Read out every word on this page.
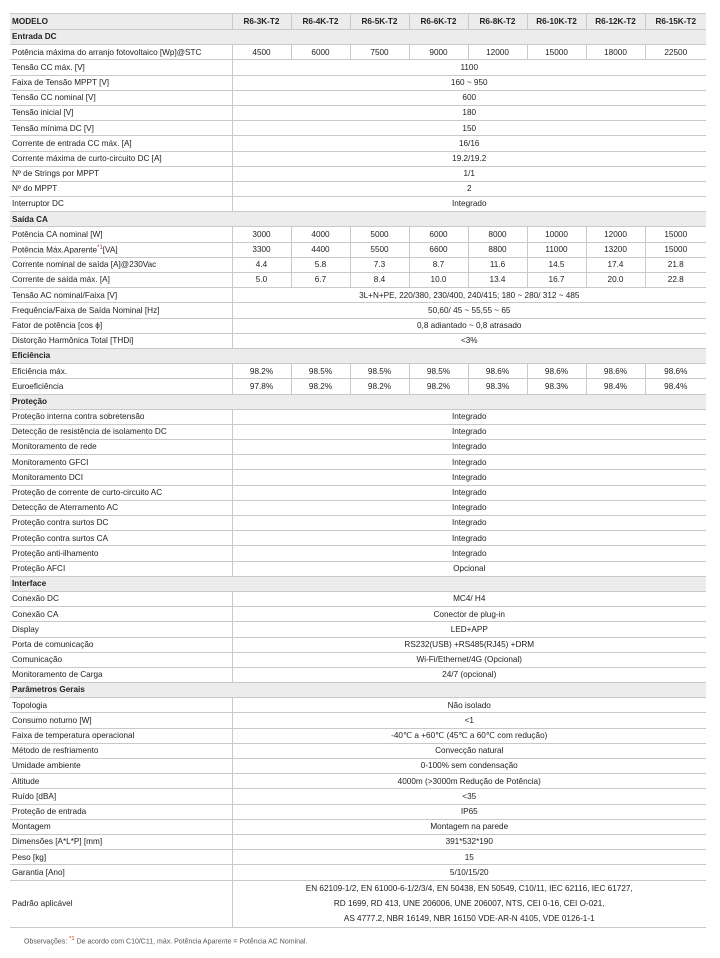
MODELO	R6-3K-T2	R6-4K-T2	R6-5K-T2	R6-6K-T2	R6-8K-T2	R6-10K-T2	R6-12K-T2	R6-15K-T2
Entrada DC								
Potência máxima do arranjo fotovoltaico [Wp]@STC	4500	6000	7500	9000	12000	15000	18000	22500
Tensão CC máx. [V]	1100							
Faixa de Tensão MPPT [V]	160 ~ 950							
Tensão CC nominal [V]	600							
Tensão inicial [V]	180							
Tensão mínima DC [V]	150							
Corrente de entrada CC máx. [A]	16/16							
Corrente máxima de curto-circuito DC [A]	19.2/19.2							
Nº de Strings por MPPT	1/1							
Nº do MPPT	2							
Interruptor DC	Integrado							
Saída CA								
Potência CA nominal [W]	3000	4000	5000	6000	8000	10000	12000	15000
Potência Máx.Aparente$^{*1}$[VA]	3300	4400	5500	6600	8800	11000	13200	15000
Corrente nominal de saída [A]@230Vac	4.4	5.8	7.3	8.7	11.6	14.5	17.4	21.8
Corrente de saída máx. [A]	5.0	6.7	8.4	10.0	13.4	16.7	20.0	22.8
Tensão AC nominal/Faixa [V]	3L+N+PE, 220/380, 230/400, 240/415; 180 ~ 280/ 312 ~ 485							
Frequência/Faixa de Saída Nominal [Hz]	50,60/ 45 ~ 55,55 ~ 65							
Fator de potência [cos ϕ]	0,8 adiantado ~ 0,8 atrasado							
Distorção Harmônica Total [THDi]	<3%							
Eficiência								
Eficiência máx.	98.2%	98.5%	98.5%	98.5%	98.6%	98.6%	98.6%	98.6%
Euroeficiência	97.8%	98.2%	98.2%	98.2%	98.3%	98.3%	98.4%	98.4%
Proteção								
Proteção interna contra sobretensão	Integrado							
Detecção de resistência de isolamento DC	Integrado							
Monitoramento de rede	Integrado							
Monitoramento GFCI	Integrado							
Monitoramento DCI	Integrado							
Proteção de corrente de curto-circuito AC	Integrado							
Detecção de Aterramento AC	Integrado							
Proteção contra surtos DC	Integrado							
Proteção contra surtos CA	Integrado							
Proteção anti-ilhamento	Integrado							
Proteção AFCI	Opcional							
Interface								
Conexão DC	MC4/ H4							
Conexão CA	Conector de plug-in							
Display	LED+APP							
Porta de comunicação	RS232(USB) +RS485(RJ45) +DRM							
Comunicação	Wi-Fi/Ethernet/4G (Opcional)							
Monitoramento de Carga	24/7 (opcional)							
Parâmetros Gerais								
Topologia	Não isolado							
Consumo noturno [W]	<1							
Faixa de temperatura operacional	-40℃ a +60℃ (45℃ a 60℃ com redução)							
Método de resfriamento	Convecção natural							
Umidade ambiente	0-100% sem condensação							
Altitude	4000m (>3000m Redução de Potência)							
Ruído [dBA]	<35							
Proteção de entrada	IP65							
Montagem	Montagem na parede							
Dimensões [A*L*P] [mm]	391*532*190							
Peso [kg]	15							
Garantia [Ano]	5/10/15/20							
Padrão aplicável	EN 62109-1/2, EN 61000-6-1/2/3/4, EN 50438, EN 50549, C10/11, IEC 62116, IEC 61727,
RD 1699, RD 413, UNE 206006, UNE 206007, NTS, CEI 0-16, CEI O-021,
AS 4777.2, NBR 16149, NBR 16150 VDE-AR-N 4105, VDE 0126-1-1							
Observações: $^{*1}$ De acordo com C10/C11, máx. Potência Aparente = Potência AC Nominal.
